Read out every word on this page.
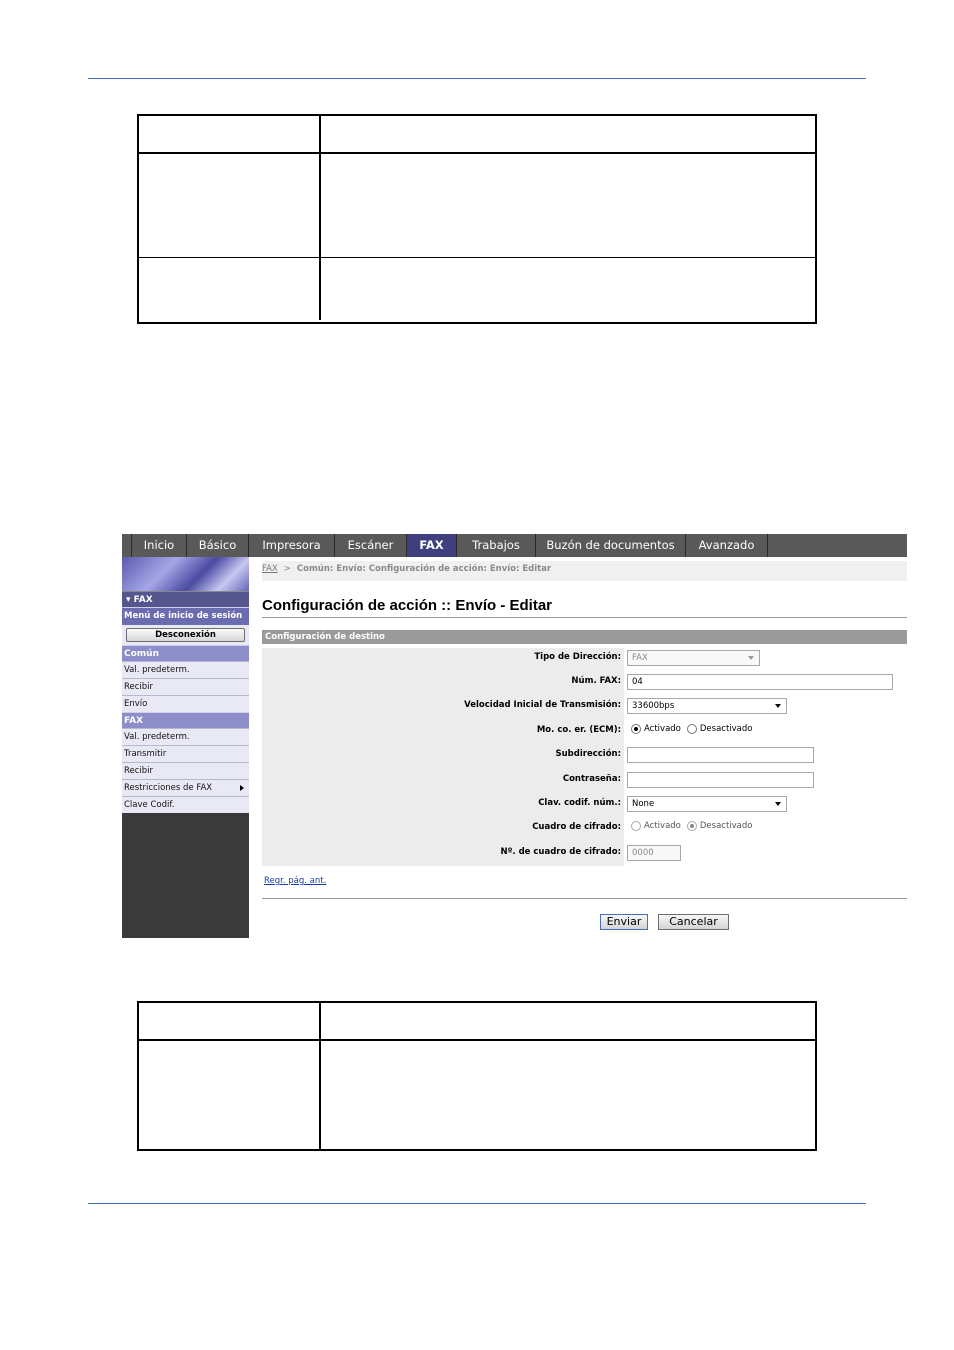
Inicio	Básico	Impresora	Escáner	FAX	Trabajos	Buzón de documentos	Avanzado
▾ FAX
Menú de inicio de sesión
Desconexión
Común
Val. predeterm.
Recibir
Envío
FAX
Val. predeterm.
Transmitir
Recibir
Restricciones de FAX
Clave Codif.
FAX > Común: Envío: Configuración de acción: Envío: Editar
Configuración de acción :: Envío - Editar
Configuración de destino
Tipo de Dirección:	FAX
Núm. FAX:	04
Velocidad Inicial de Transmisión:	33600bps
Mo. co. er. (ECM):	Activado Desactivado
Subdirección:
Contraseña:
Clav. codif. núm.:	None
Cuadro de cifrado:	Activado Desactivado
Nº. de cuadro de cifrado:	0000
Regr. pág. ant.
Enviar	Cancelar
